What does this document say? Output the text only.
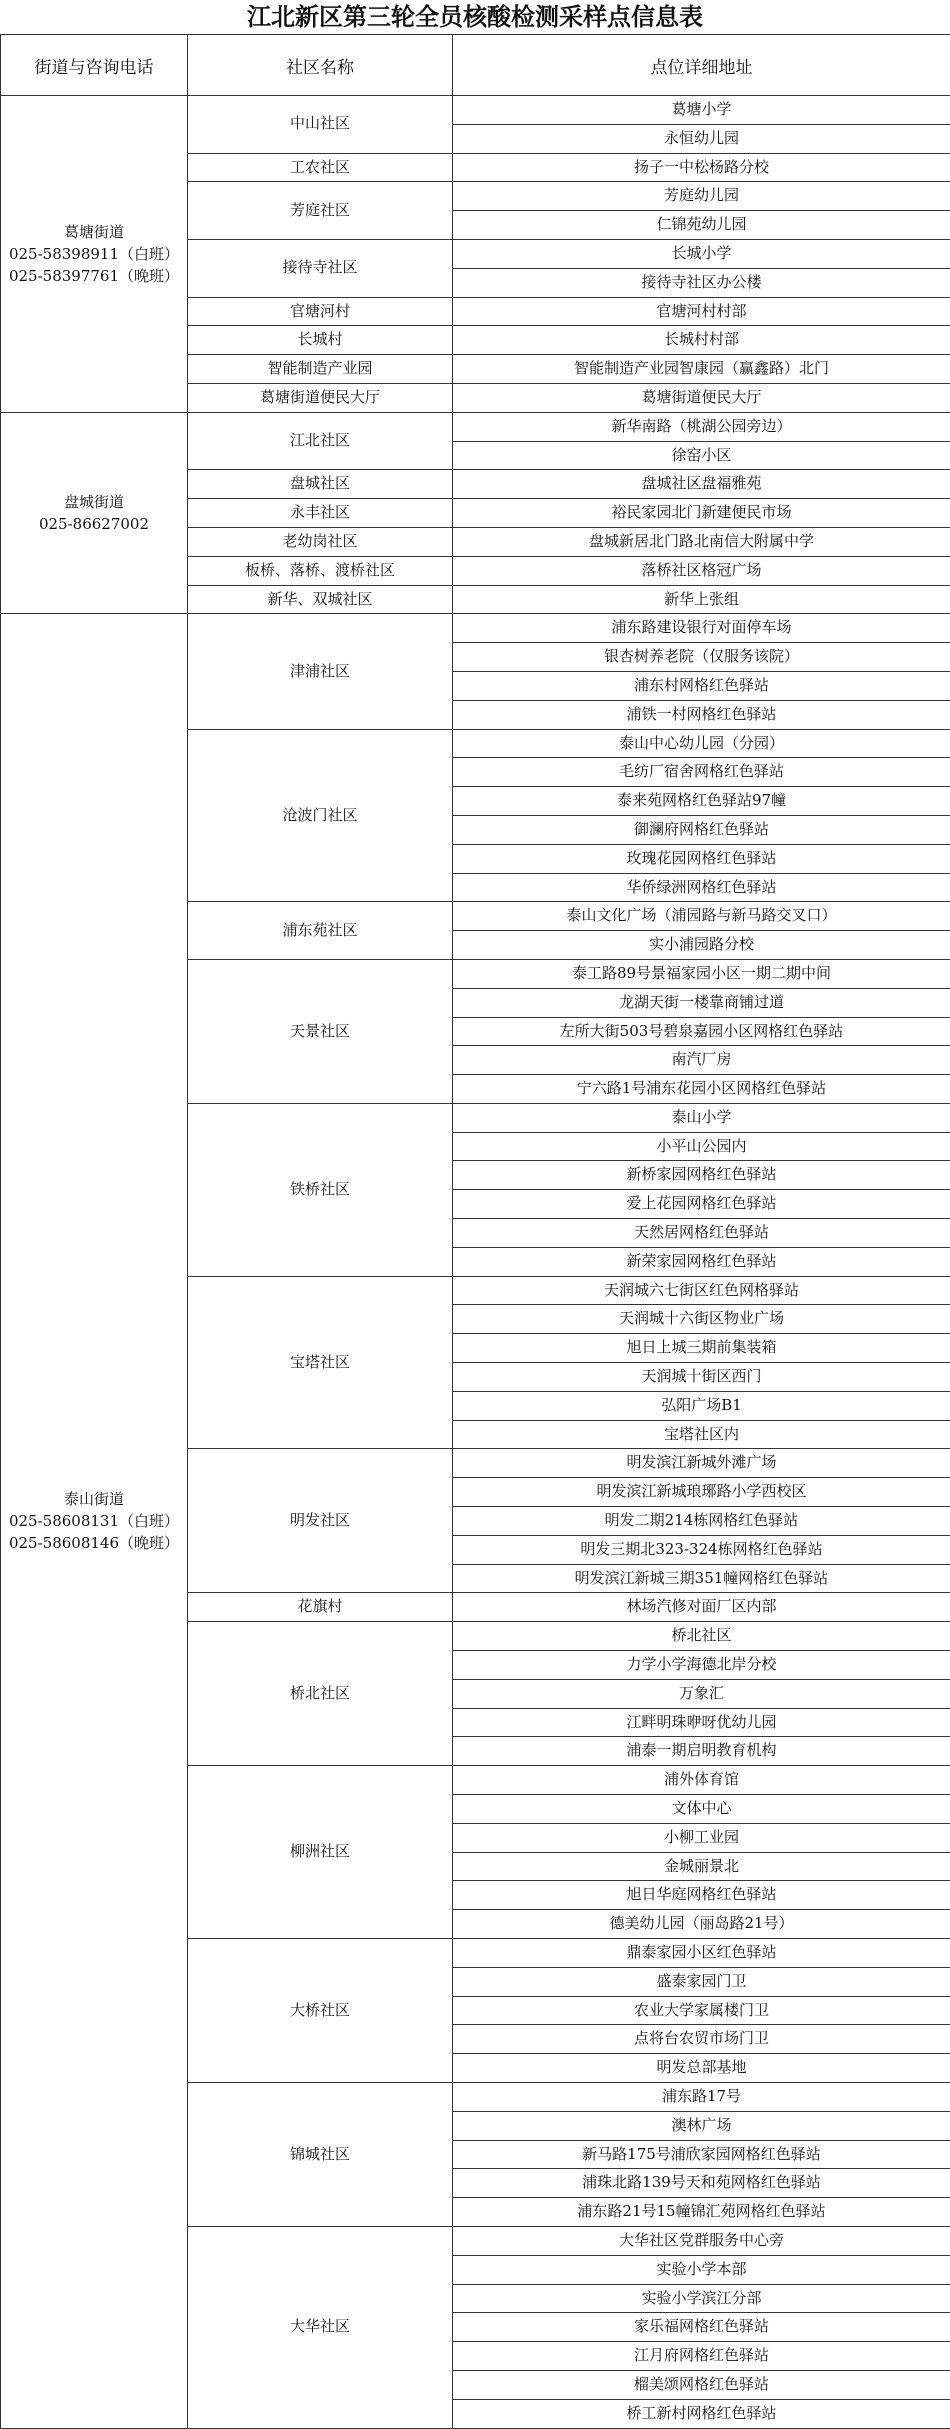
江北新区第三轮全员核酸检测采样点信息表
街道与咨询电话	社区名称	点位详细地址

葛塘街道
025-58398911（白班）
025-58397761（晚班）	中山社区	葛塘小学
		永恒幼儿园
	工农社区	扬子一中松杨路分校
	芳庭社区	芳庭幼儿园
		仁锦苑幼儿园
	接待寺社区	长城小学
		接待寺社区办公楼
	官塘河村	官塘河村村部
	长城村	长城村村部
	智能制造产业园	智能制造产业园智康园（赢鑫路）北门
	葛塘街道便民大厅	葛塘街道便民大厅

盘城街道
025-86627002	江北社区	新华南路（桃湖公园旁边）
		徐窑小区
	盘城社区	盘城社区盘福雅苑
	永丰社区	裕民家园北门新建便民市场
	老幼岗社区	盘城新居北门路北南信大附属中学
	板桥、落桥、渡桥社区	落桥社区格冠广场
	新华、双城社区	新华上张组

泰山街道
025-58608131（白班）
025-58608146（晚班）	津浦社区	浦东路建设银行对面停车场
		银杏树养老院（仅服务该院）
		浦东村网格红色驿站
		浦铁一村网格红色驿站
	沧波门社区	泰山中心幼儿园（分园）
		毛纺厂宿舍网格红色驿站
		泰来苑网格红色驿站97幢
		御澜府网格红色驿站
		玫瑰花园网格红色驿站
		华侨绿洲网格红色驿站
	浦东苑社区	泰山文化广场（浦园路与新马路交叉口）
		实小浦园路分校
	天景社区	泰工路89号景福家园小区一期二期中间
		龙湖天街一楼靠商铺过道
		左所大街503号碧泉嘉园小区网格红色驿站
		南汽厂房
		宁六路1号浦东花园小区网格红色驿站
	铁桥社区	泰山小学
		小平山公园内
		新桥家园网格红色驿站
		爱上花园网格红色驿站
		天然居网格红色驿站
		新荣家园网格红色驿站
	宝塔社区	天润城六七街区红色网格驿站
		天润城十六街区物业广场
		旭日上城三期前集装箱
		天润城十街区西门
		弘阳广场B1
		宝塔社区内
	明发社区	明发滨江新城外滩广场
		明发滨江新城琅琊路小学西校区
		明发二期214栋网格红色驿站
		明发三期北323-324栋网格红色驿站
		明发滨江新城三期351幢网格红色驿站
	花旗村	林场汽修对面厂区内部
	桥北社区	桥北社区
		力学小学海德北岸分校
		万象汇
		江畔明珠咿呀优幼儿园
		浦泰一期启明教育机构
	柳洲社区	浦外体育馆
		文体中心
		小柳工业园
		金城丽景北
		旭日华庭网格红色驿站
		德美幼儿园（丽岛路21号）
	大桥社区	鼎泰家园小区红色驿站
		盛泰家园门卫
		农业大学家属楼门卫
		点将台农贸市场门卫
		明发总部基地
	锦城社区	浦东路17号
		澳林广场
		新马路175号浦欣家园网格红色驿站
		浦珠北路139号天和苑网格红色驿站
		浦东路21号15幢锦汇苑网格红色驿站
	大华社区	大华社区党群服务中心旁
		实验小学本部
		实验小学滨江分部
		家乐福网格红色驿站
		江月府网格红色驿站
		榴美颂网格红色驿站
		桥工新村网格红色驿站
